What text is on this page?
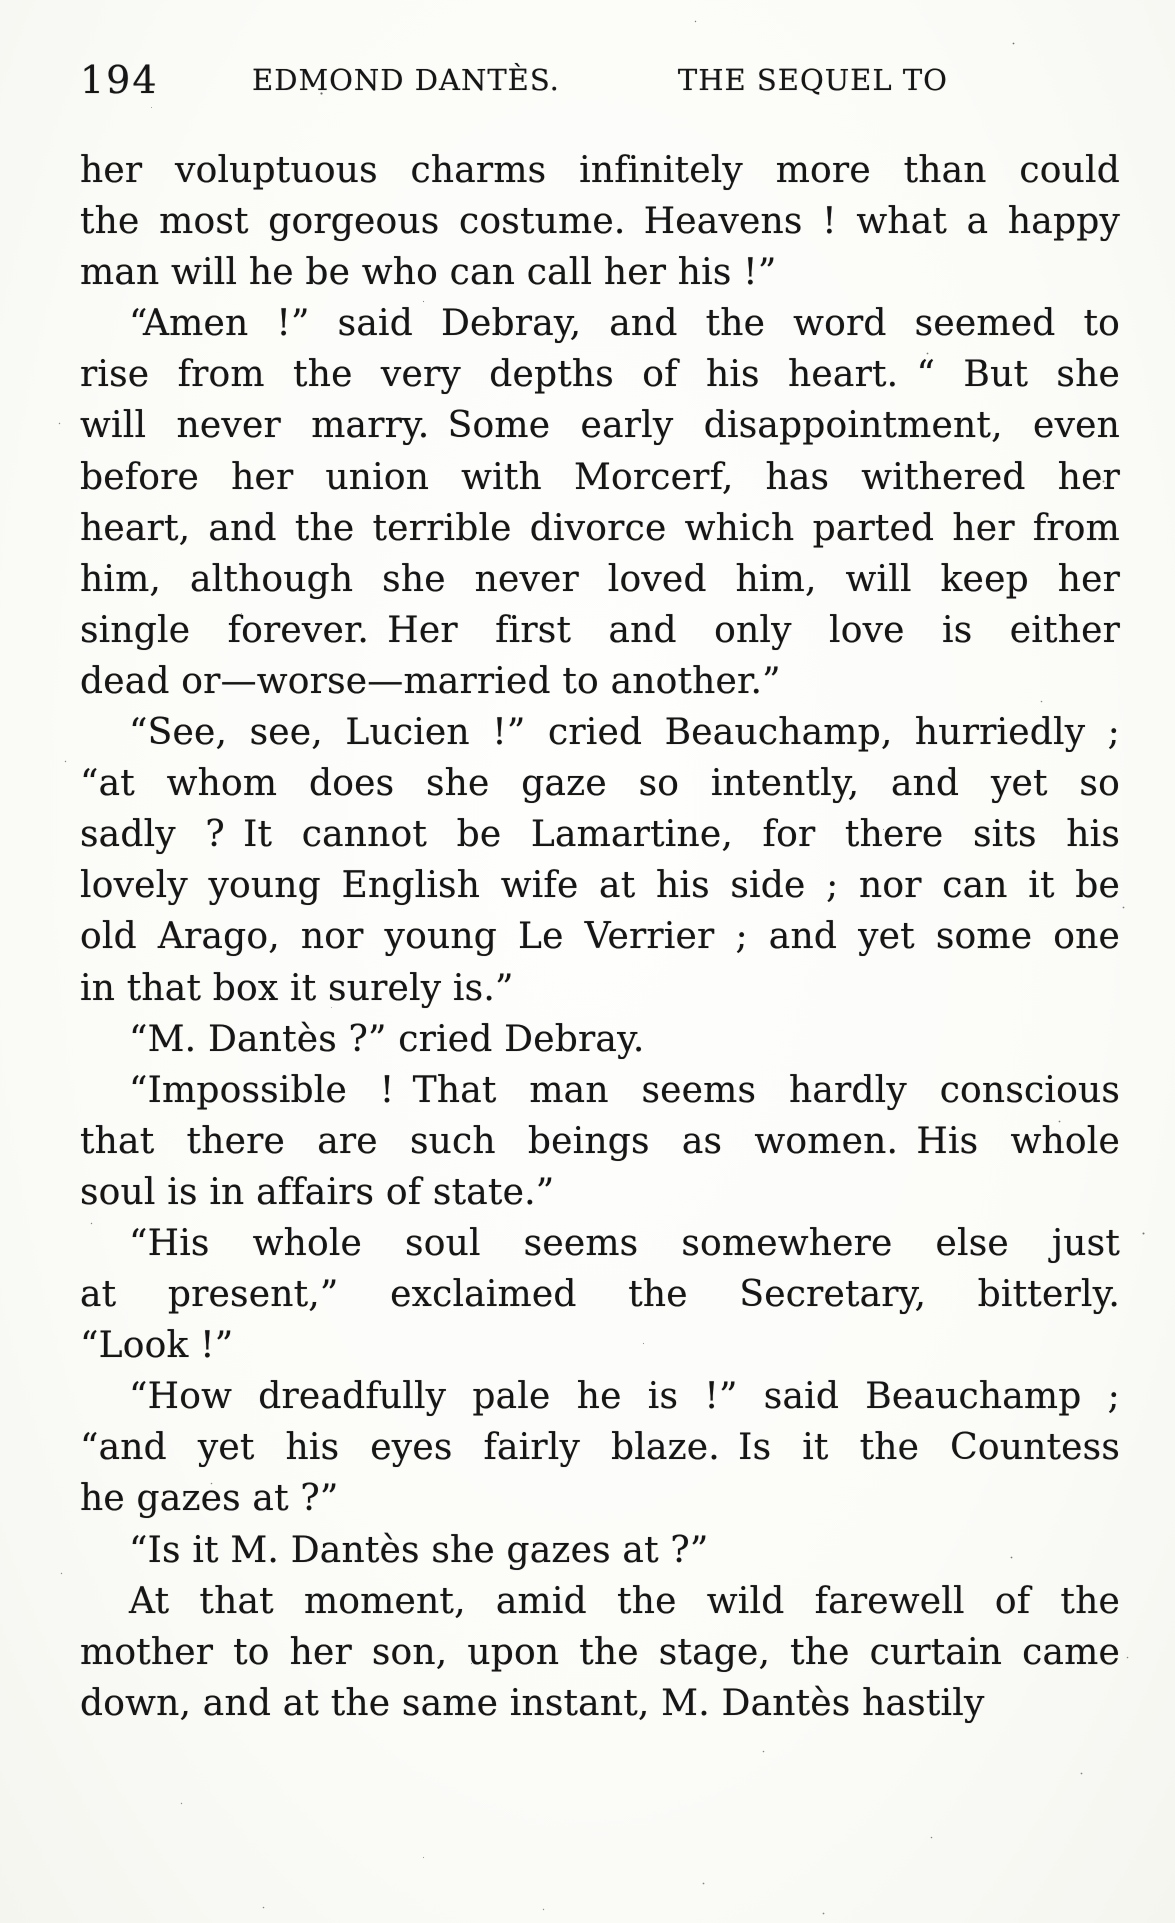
194	EDMOND DANTÈS.	THE SEQUEL TO

her voluptuous charms infinitely more than could
the most gorgeous costume. Heavens ! what a happy
man will he be who can call her his !”

“Amen !” said Debray, and the word seemed to
rise from the very depths of his heart. “ But she
will never marry. Some early disappointment, even
before her union with Morcerf, has withered her
heart, and the terrible divorce which parted her from
him, although she never loved him, will keep her
single forever. Her first and only love is either
dead or—worse—married to another.”

“See, see, Lucien !” cried Beauchamp, hurriedly ;
“at whom does she gaze so intently, and yet so
sadly ? It cannot be Lamartine, for there sits his
lovely young English wife at his side ; nor can it be
old Arago, nor young Le Verrier ; and yet some one
in that box it surely is.”

“M. Dantès ?” cried Debray.

“Impossible ! That man seems hardly conscious
that there are such beings as women. His whole
soul is in affairs of state.”

“His whole soul seems somewhere else just
at present,” exclaimed the Secretary, bitterly.
“Look !”

“How dreadfully pale he is !” said Beauchamp ;
“and yet his eyes fairly blaze. Is it the Countess
he gazes at ?”

“Is it M. Dantès she gazes at ?”

At that moment, amid the wild farewell of the
mother to her son, upon the stage, the curtain came
down, and at the same instant, M. Dantès hastily
